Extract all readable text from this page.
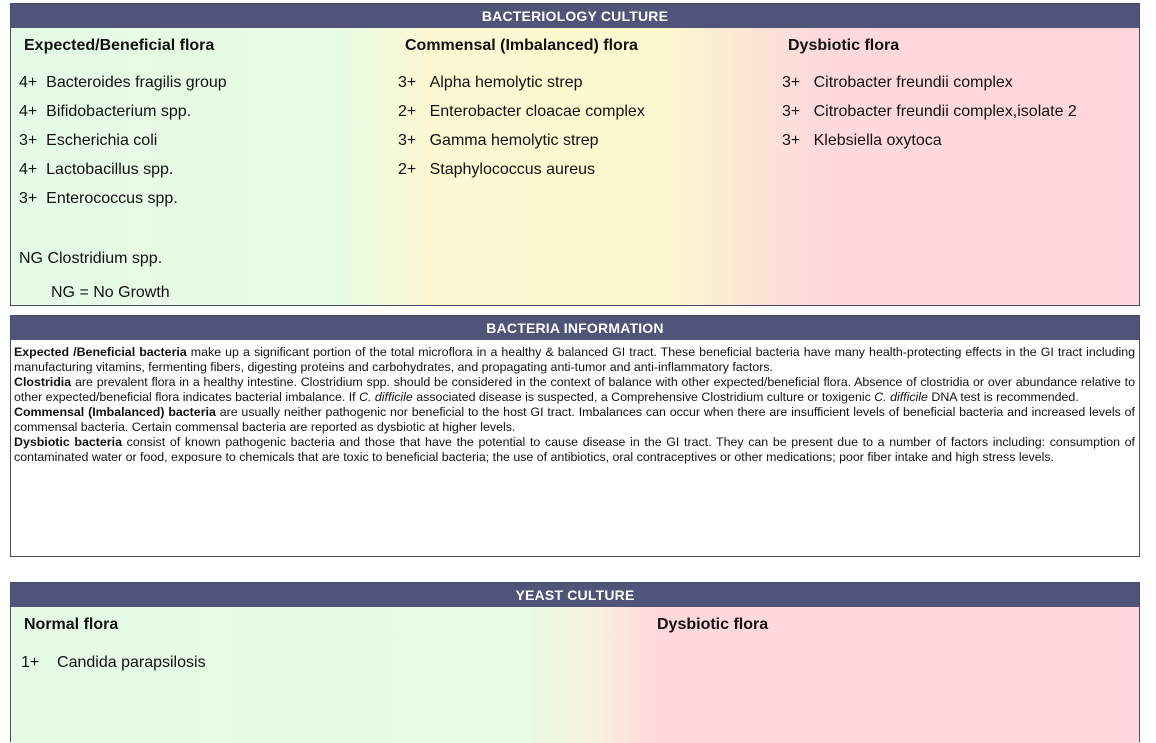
BACTERIOLOGY CULTURE
Expected/Beneficial flora
4+ Bacteroides fragilis group
4+ Bifidobacterium spp.
3+ Escherichia coli
4+ Lactobacillus spp.
3+ Enterococcus spp.
NG Clostridium spp.
NG = No Growth
Commensal (Imbalanced) flora
3+ Alpha hemolytic strep
2+ Enterobacter cloacae complex
3+ Gamma hemolytic strep
2+ Staphylococcus aureus
Dysbiotic flora
3+ Citrobacter freundii complex
3+ Citrobacter freundii complex,isolate 2
3+ Klebsiella oxytoca
BACTERIA INFORMATION

Expected /Beneficial bacteria make up a significant portion of the total microflora in a healthy & balanced GI tract. These beneficial bacteria have many health-protecting effects in the GI tract including manufacturing vitamins, fermenting fibers, digesting proteins and carbohydrates, and propagating anti-tumor and anti-inflammatory factors.

Clostridia are prevalent flora in a healthy intestine. Clostridium spp. should be considered in the context of balance with other expected/beneficial flora. Absence of clostridia or over abundance relative to other expected/beneficial flora indicates bacterial imbalance. If C. difficile associated disease is suspected, a Comprehensive Clostridium culture or toxigenic C. difficile DNA test is recommended.

Commensal (Imbalanced) bacteria are usually neither pathogenic nor beneficial to the host GI tract. Imbalances can occur when there are insufficient levels of beneficial bacteria and increased levels of commensal bacteria. Certain commensal bacteria are reported as dysbiotic at higher levels.

Dysbiotic bacteria consist of known pathogenic bacteria and those that have the potential to cause disease in the GI tract. They can be present due to a number of factors including: consumption of contaminated water or food, exposure to chemicals that are toxic to beneficial bacteria; the use of antibiotics, oral contraceptives or other medications; poor fiber intake and high stress levels.

YEAST CULTURE
Normal flora	Dysbiotic flora
1+ Candida parapsilosis
